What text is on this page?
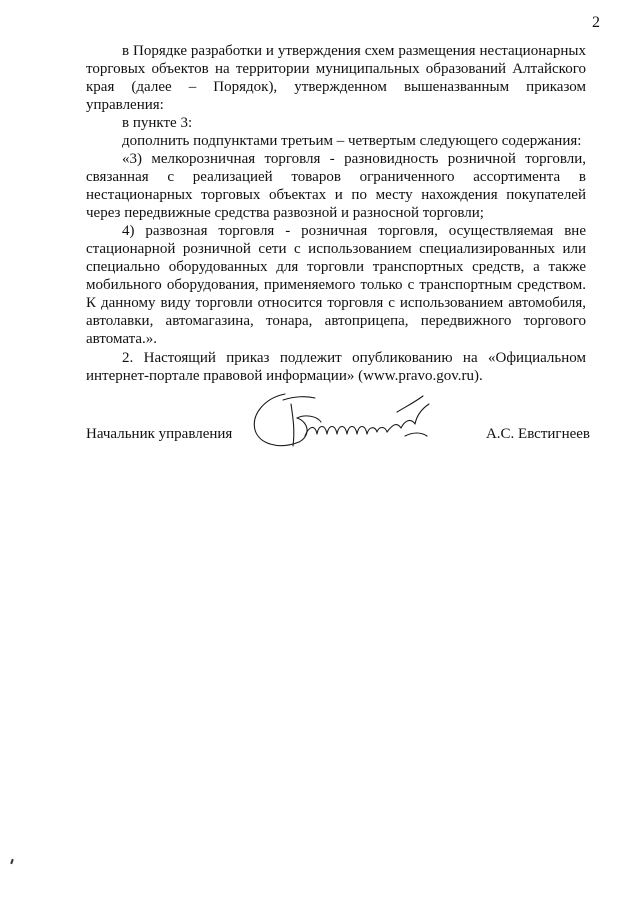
2

в Порядке разработки и утверждения схем размещения нестационарных торговых объектов на территории муниципальных образований Алтайского края (далее – Порядок), утвержденном вышеназванным приказом управления:

в пункте 3:

дополнить подпунктами третьим – четвертым следующего содержания:

«3) мелкорозничная торговля - разновидность розничной торговли, связанная с реализацией товаров ограниченного ассортимента в нестационарных торговых объектах и по месту нахождения покупателей через передвижные средства развозной и разносной торговли;

4) развозная торговля - розничная торговля, осуществляемая вне стационарной розничной сети с использованием специализированных или специально оборудованных для торговли транспортных средств, а также мобильного оборудования, применяемого только с транспортным средством. К данному виду торговли относится торговля с использованием автомобиля, автолавки, автомагазина, тонара, автоприцепа, передвижного торгового автомата.».

2. Настоящий приказ подлежит опубликованию на «Официальном интернет-портале правовой информации» (www.pravo.gov.ru).

Начальник управления	А.С. Евстигнеев
